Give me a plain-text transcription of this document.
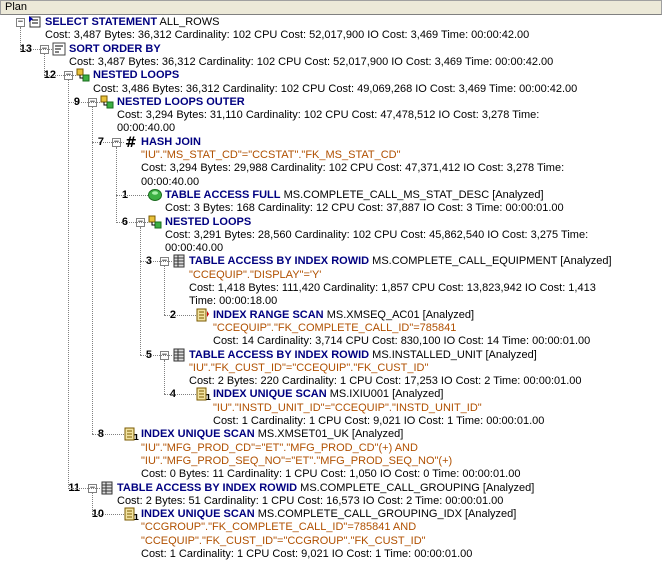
Plan
− SELECT STATEMENT ALL_ROWS
Cost: 3,487 Bytes: 36,312 Cardinality: 102 CPU Cost: 52,017,900 IO Cost: 3,469 Time: 00:00:42.00
13 − SORT ORDER BY
Cost: 3,487 Bytes: 36,312 Cardinality: 102 CPU Cost: 52,017,900 IO Cost: 3,469 Time: 00:00:42.00
12 − NESTED LOOPS
Cost: 3,486 Bytes: 36,312 Cardinality: 102 CPU Cost: 49,069,268 IO Cost: 3,469 Time: 00:00:42.00
9 − NESTED LOOPS OUTER
Cost: 3,294 Bytes: 31,110 Cardinality: 102 CPU Cost: 47,478,512 IO Cost: 3,278 Time:
00:00:40.00
7 − # HASH JOIN
"IU"."MS_STAT_CD"="CCSTAT"."FK_MS_STAT_CD"
Cost: 3,294 Bytes: 29,988 Cardinality: 102 CPU Cost: 47,371,412 IO Cost: 3,278 Time:
00:00:40.00
1	TABLE ACCESS FULL MS.COMPLETE_CALL_MS_STAT_DESC [Analyzed]
Cost: 3 Bytes: 168 Cardinality: 12 CPU Cost: 37,887 IO Cost: 3 Time: 00:00:01.00
6 − NESTED LOOPS
Cost: 3,291 Bytes: 28,560 Cardinality: 102 CPU Cost: 45,862,540 IO Cost: 3,275 Time:
00:00:40.00
3 − TABLE ACCESS BY INDEX ROWID MS.COMPLETE_CALL_EQUIPMENT [Analyzed]
"CCEQUIP"."DISPLAY"='Y'
Cost: 1,418 Bytes: 111,420 Cardinality: 1,857 CPU Cost: 13,823,942 IO Cost: 1,413
Time: 00:00:18.00
2	INDEX RANGE SCAN MS.XMSEQ_AC01 [Analyzed]
"CCEQUIP"."FK_COMPLETE_CALL_ID"=785841
Cost: 14 Cardinality: 3,714 CPU Cost: 830,100 IO Cost: 14 Time: 00:00:01.00
5 − TABLE ACCESS BY INDEX ROWID MS.INSTALLED_UNIT [Analyzed]
"IU"."FK_CUST_ID"="CCEQUIP"."FK_CUST_ID"
Cost: 2 Bytes: 220 Cardinality: 1 CPU Cost: 17,253 IO Cost: 2 Time: 00:00:01.00
4	1 INDEX UNIQUE SCAN MS.IXIU001 [Analyzed]
"IU"."INSTD_UNIT_ID"="CCEQUIP"."INSTD_UNIT_ID"
Cost: 1 Cardinality: 1 CPU Cost: 9,021 IO Cost: 1 Time: 00:00:01.00
8	1 INDEX UNIQUE SCAN MS.XMSET01_UK [Analyzed]
"IU"."MFG_PROD_CD"="ET"."MFG_PROD_CD"(+) AND
"IU"."MFG_PROD_SEQ_NO"="ET"."MFG_PROD_SEQ_NO"(+)
Cost: 0 Bytes: 11 Cardinality: 1 CPU Cost: 1,050 IO Cost: 0 Time: 00:00:01.00
11 − TABLE ACCESS BY INDEX ROWID MS.COMPLETE_CALL_GROUPING [Analyzed]
Cost: 2 Bytes: 51 Cardinality: 1 CPU Cost: 16,573 IO Cost: 2 Time: 00:00:01.00
10	1 INDEX UNIQUE SCAN MS.COMPLETE_CALL_GROUPING_IDX [Analyzed]
"CCGROUP"."FK_COMPLETE_CALL_ID"=785841 AND
"CCEQUIP"."FK_CUST_ID"="CCGROUP"."FK_CUST_ID"
Cost: 1 Cardinality: 1 CPU Cost: 9,021 IO Cost: 1 Time: 00:00:01.00
